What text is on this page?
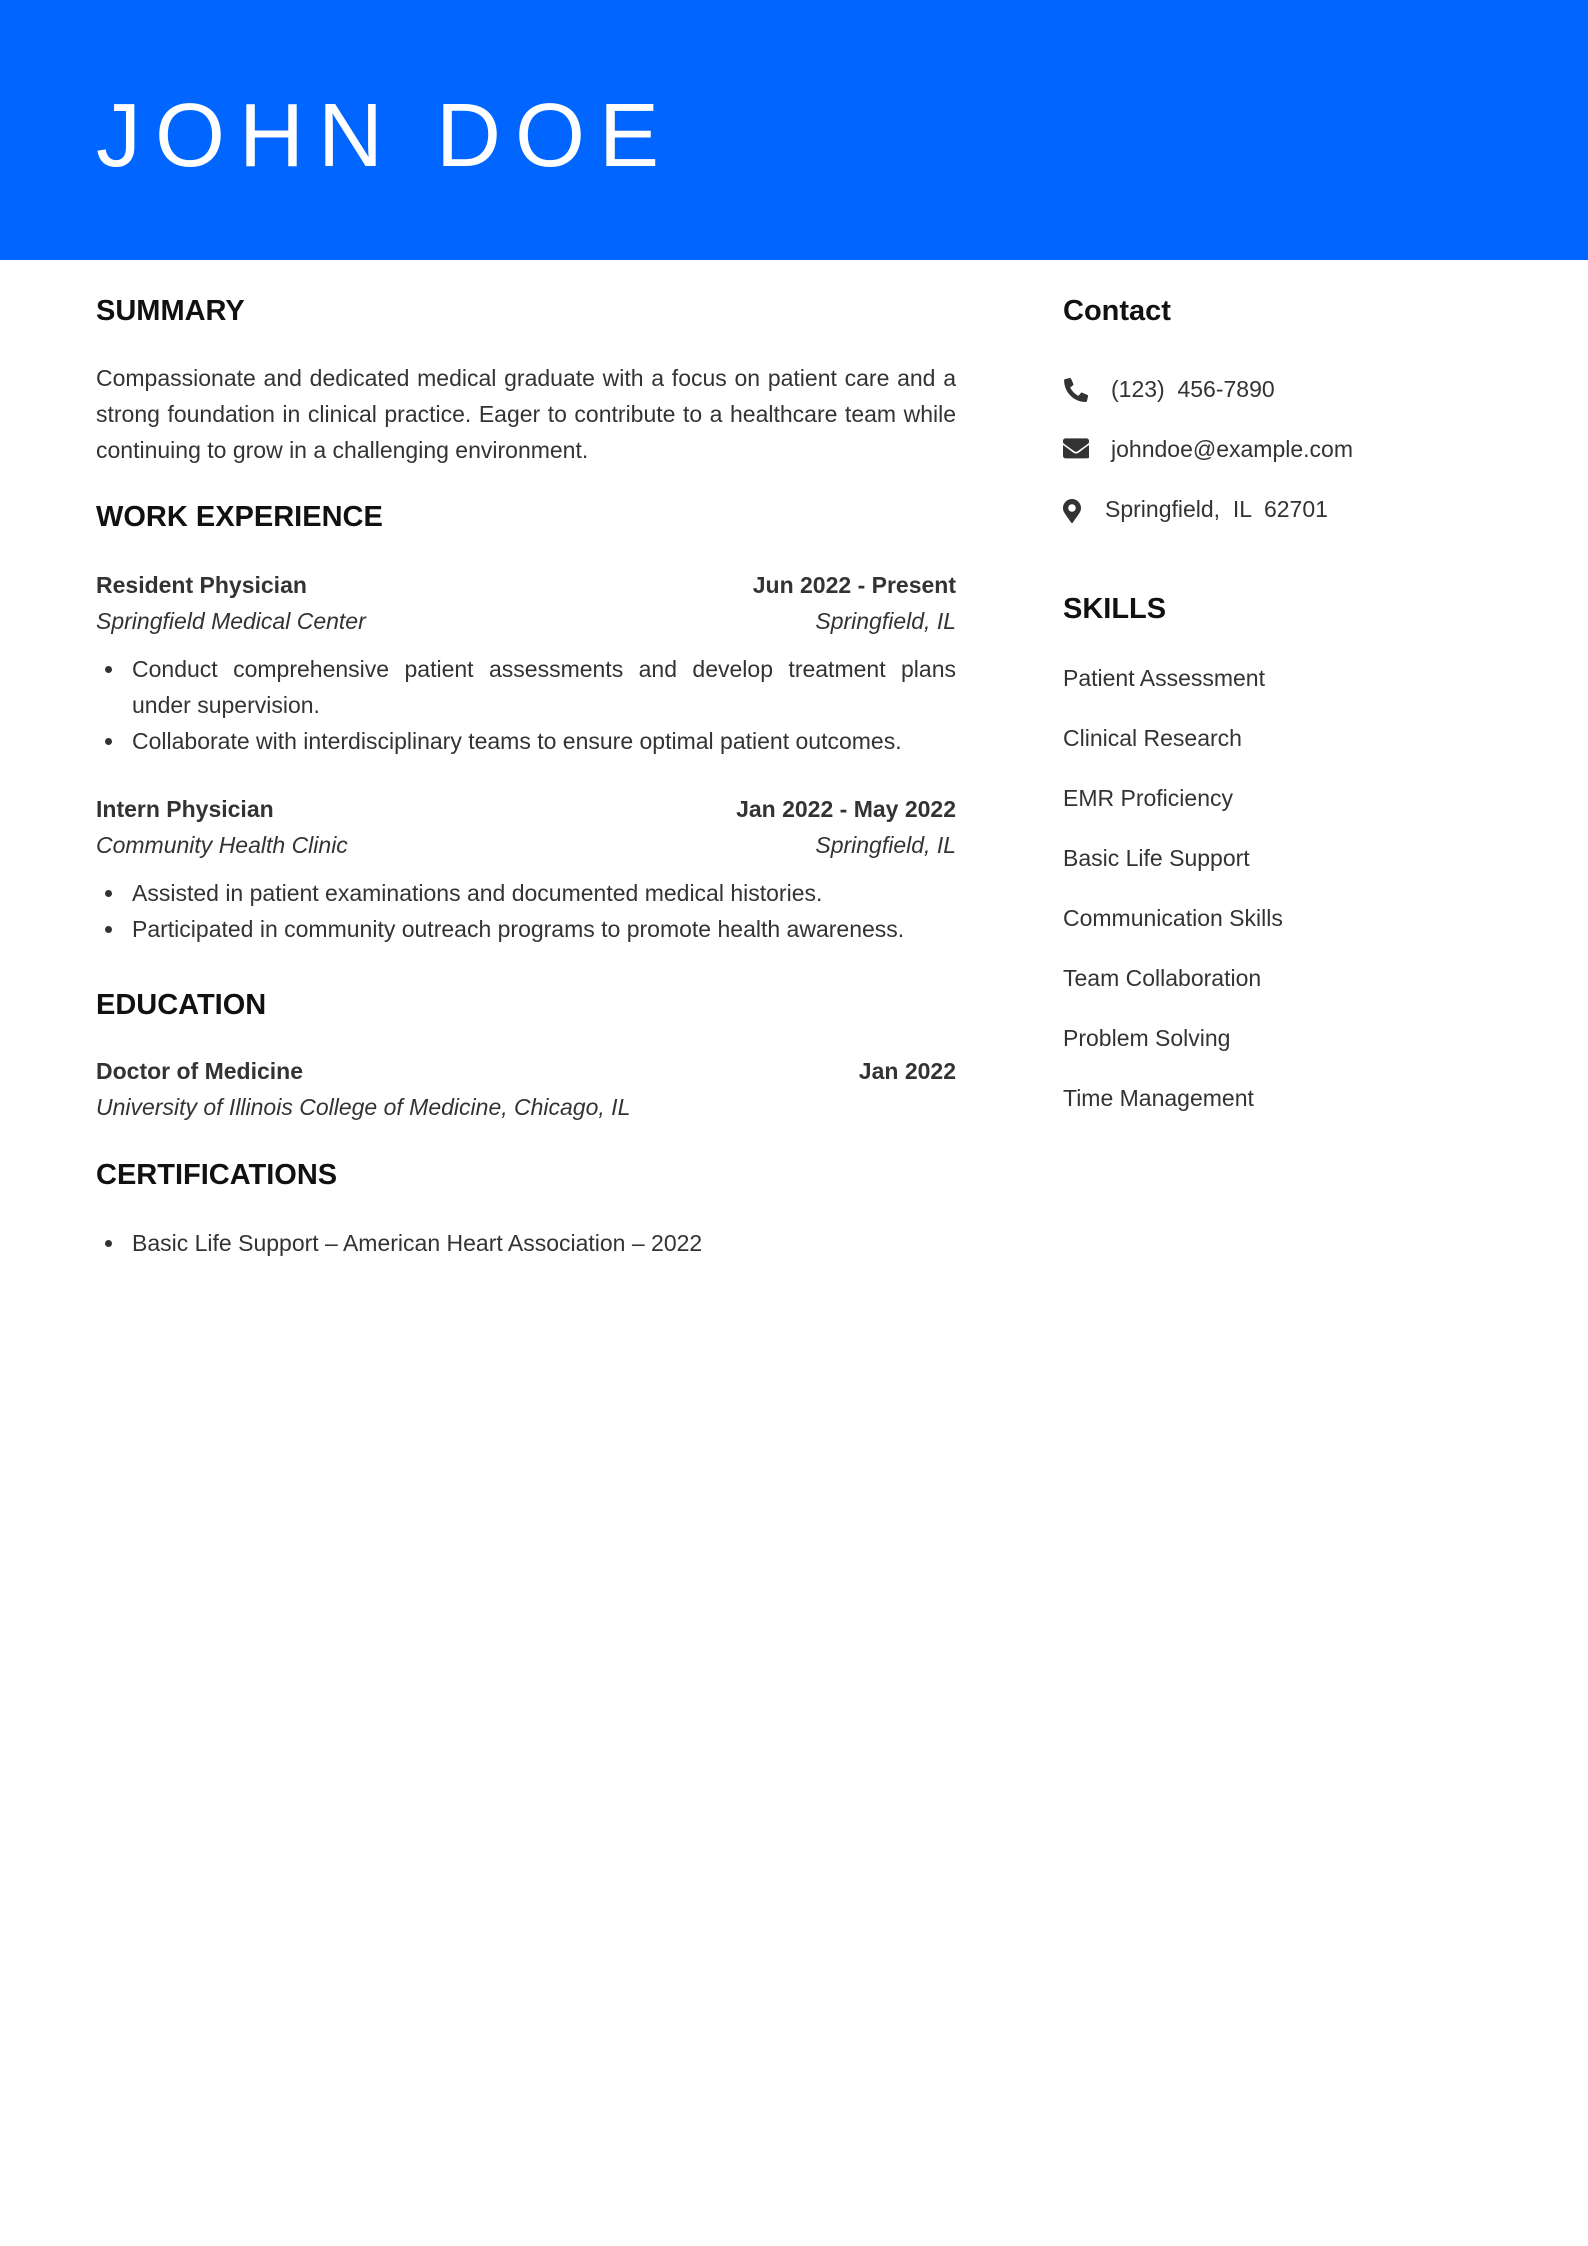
JOHN DOE
SUMMARY

Compassionate and dedicated medical graduate with a focus on patient care and a strong foundation in clinical practice. Eager to contribute to a healthcare team while continuing to grow in a challenging environment.

WORK EXPERIENCE
Resident Physician	Jun 2022 - Present
Springfield Medical Center	Springfield, IL
Conduct comprehensive patient assessments and develop treatment plans under supervision.
Collaborate with interdisciplinary teams to ensure optimal patient outcomes.
Intern Physician	Jan 2022 - May 2022
Community Health Clinic	Springfield, IL
Assisted in patient examinations and documented medical histories.
Participated in community outreach programs to promote health awareness.
EDUCATION
Doctor of Medicine	Jan 2022
University of Illinois College of Medicine, Chicago, IL
CERTIFICATIONS
Basic Life Support – American Heart Association – 2022
Contact

(123)  456-7890

johndoe@example.com

Springfield,  IL  62701
SKILLS
Patient Assessment
Clinical Research
EMR Proficiency
Basic Life Support
Communication Skills
Team Collaboration
Problem Solving
Time Management
